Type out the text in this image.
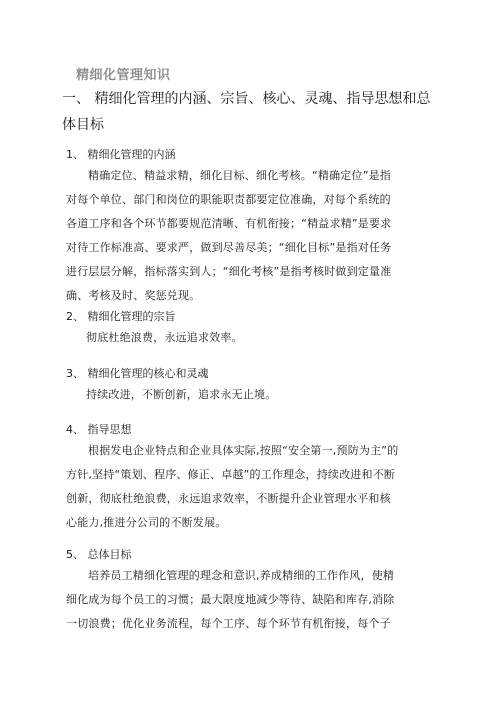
精细化管理知识
一、 精细化管理的内涵、宗旨、核心、灵魂、指导思想和总
体目标
1、 精细化管理的内涵
精确定位、精益求精，细化目标、细化考核。“精确定位”是指
对每个单位、部门和岗位的职能职责都要定位准确，对每个系统的
各道工序和各个环节都要规范清晰、有机衔接；“精益求精”是要求
对待工作标准高、要求严，做到尽善尽美；“细化目标”是指对任务
进行层层分解，指标落实到人；“细化考核”是指考核时做到定量准
确、考核及时、奖惩兑现。
2、 精细化管理的宗旨
彻底杜绝浪费，永远追求效率。
3、 精细化管理的核心和灵魂
持续改进，不断创新，追求永无止境。
4、 指导思想
根据发电企业特点和企业具体实际,按照“安全第一,预防为主”的
方针,坚持“策划、程序、修正、卓越”的工作理念，持续改进和不断
创新，彻底杜绝浪费，永远追求效率，不断提升企业管理水平和核
心能力,推进分公司的不断发展。
5、 总体目标
培养员工精细化管理的理念和意识,养成精细的工作作风，使精
细化成为每个员工的习惯；最大限度地减少等待、缺陷和库存,消除
一切浪费；优化业务流程，每个工序、每个环节有机衔接，每个子
